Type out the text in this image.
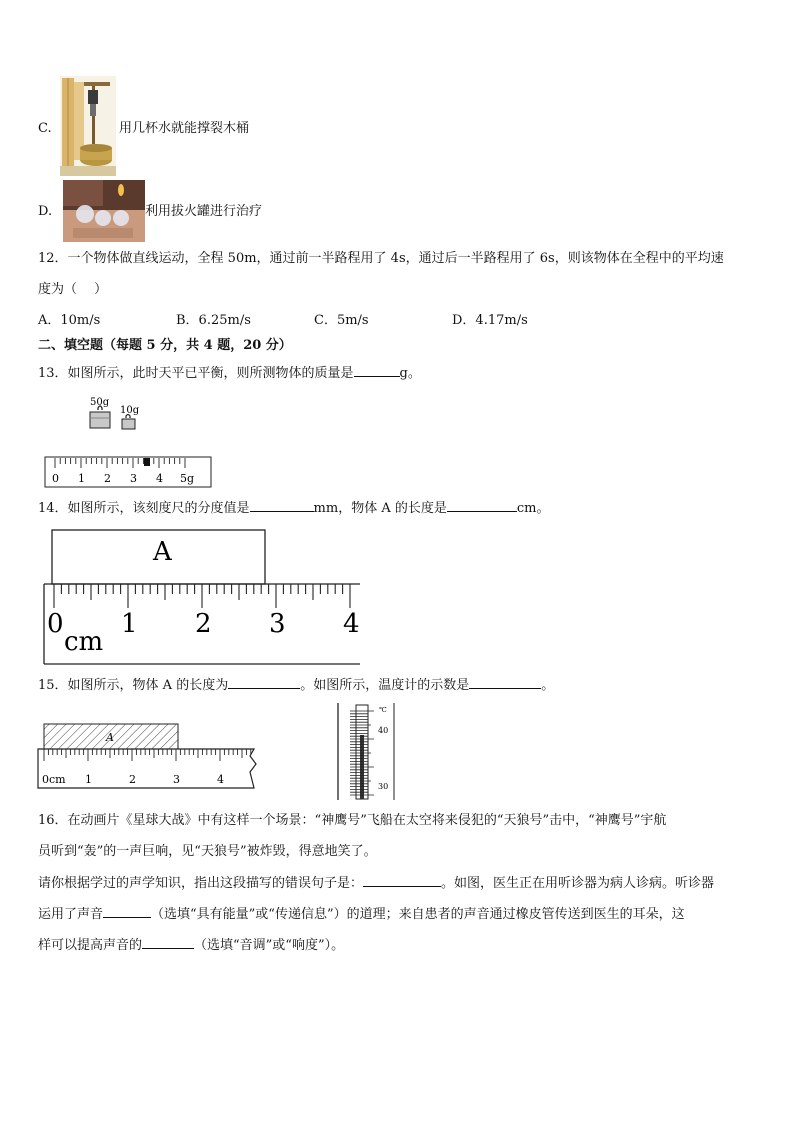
C.	用几杯水就能撑裂木桶
D.	利用拔火罐进行治疗
12．一个物体做直线运动，全程 50m，通过前一半路程用了 4s，通过后一半路程用了 6s，则该物体在全程中的平均速
度为（　 ）
A．10m/s	B．6.25m/s	C．5m/s	D．4.17m/s
二、填空题（每题 5 分，共 4 题，20 分）
13．如图所示，此时天平已平衡，则所测物体的质量是	g。
50g
10g
0 1 2 3 4 5g
14．如图所示，该刻度尺的分度值是	mm，物体 A 的长度是	cm。
A
0 1 2 3 4
cm
15．如图所示，物体 A 的长度为	。如图所示，温度计的示数是	。
A
0cm 1	2	3	4
℃
40
30
16．在动画片《星球大战》中有这样一个场景：“神鹰号”飞船在太空将来侵犯的“天狼号”击中，“神鹰号”宇航
员听到“轰”的一声巨响，见“天狼号”被炸毁，得意地笑了。
请你根据学过的声学知识，指出这段描写的错误句子是：	。如图，医生正在用听诊器为病人诊病。听诊器
运用了声音	（选填“具有能量”或“传递信息”）的道理；来自患者的声音通过橡皮管传送到医生的耳朵，这
样可以提高声音的	（选填“音调”或“响度”）。
